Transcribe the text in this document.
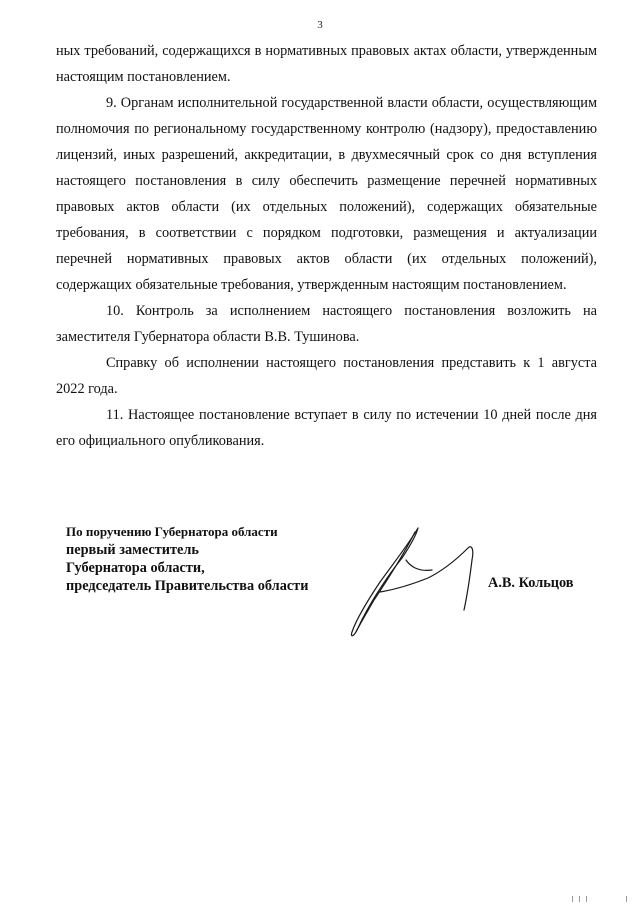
3

ных требований, содержащихся в нормативных правовых актах области, утвержденным настоящим постановлением.

9. Органам исполнительной государственной власти области, осуществляющим полномочия по региональному государственному контролю (надзору), предоставлению лицензий, иных разрешений, аккредитации, в двухмесячный срок со дня вступления настоящего постановления в силу обеспечить размещение перечней нормативных правовых актов области (их отдельных положений), содержащих обязательные требования, в соответствии с порядком подготовки, размещения и актуализации перечней нормативных правовых актов области (их отдельных положений), содержащих обязательные требования, утвержденным настоящим постановлением.

10. Контроль за исполнением настоящего постановления возложить на заместителя Губернатора области В.В. Тушинова.

Справку об исполнении настоящего постановления представить к 1 августа 2022 года.

11. Настоящее постановление вступает в силу по истечении 10 дней после дня его официального опубликования.

По поручению Губернатора области
первый заместитель
Губернатора области,
председатель Правительства области	А.В. Кольцов
